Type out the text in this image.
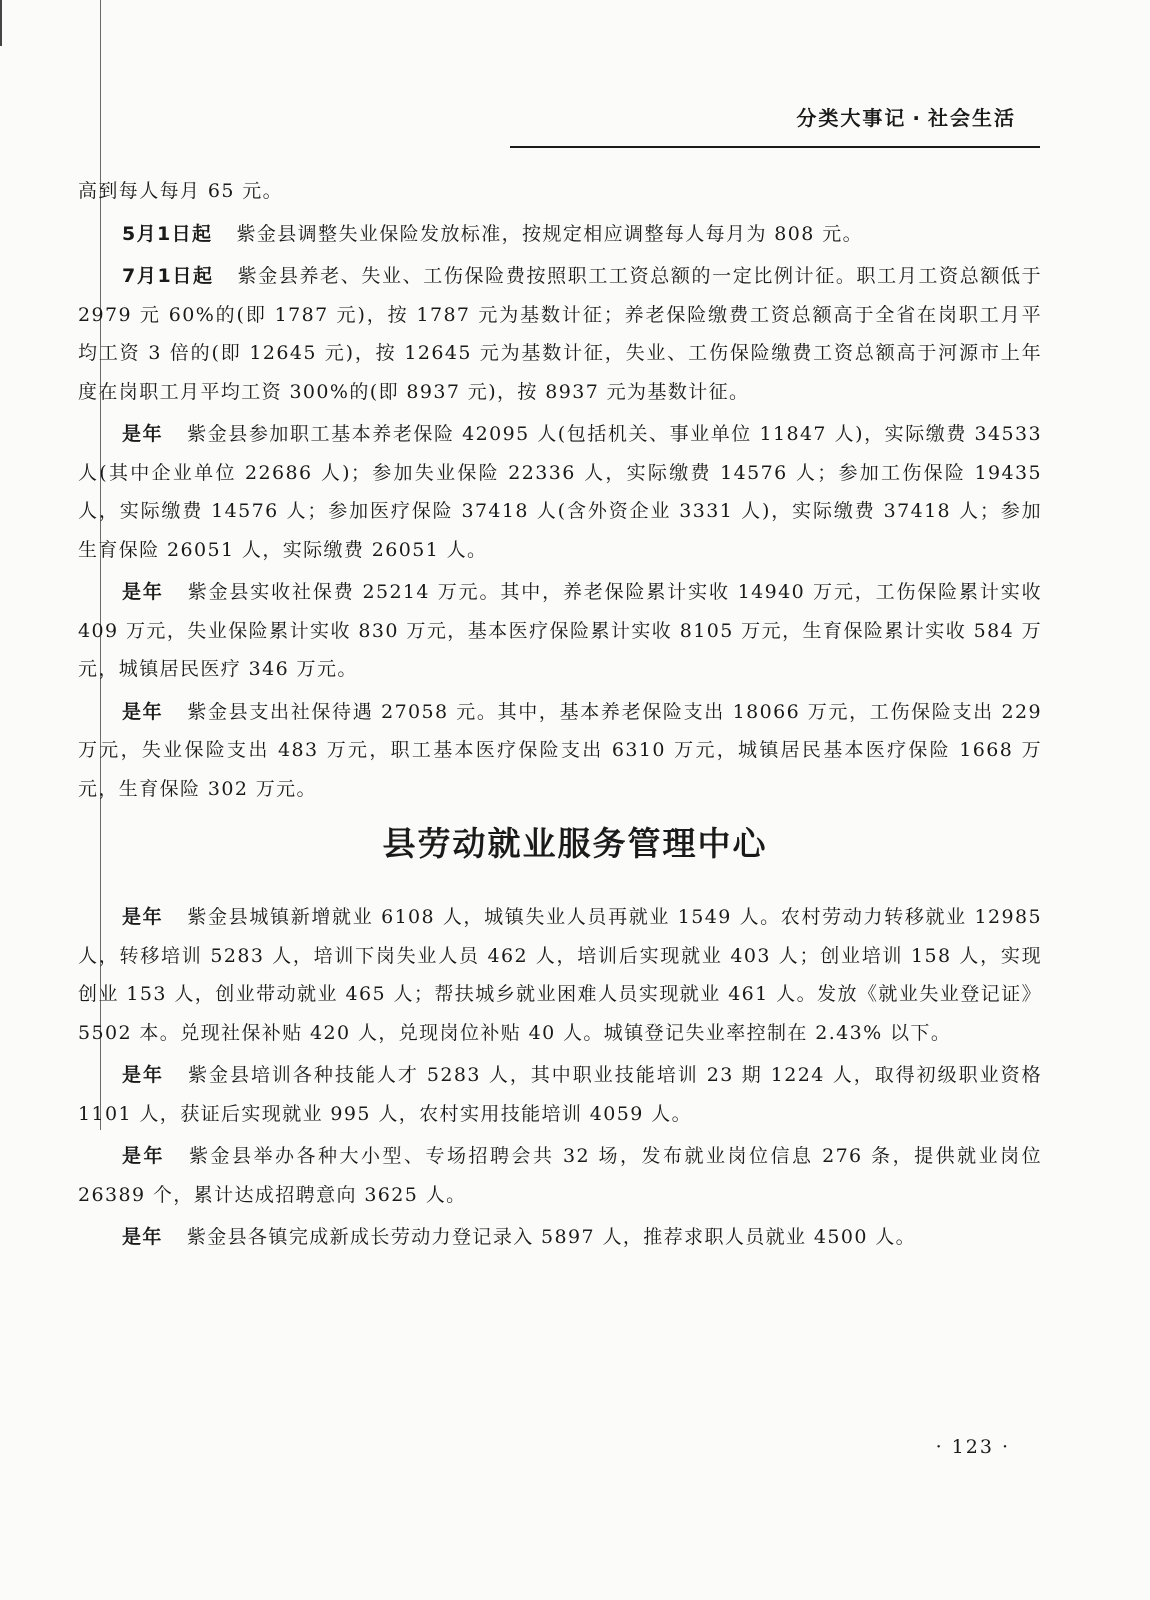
分类大事记 · 社会生活

高到每人每月 65 元。

5月1日起 紫金县调整失业保险发放标准，按规定相应调整每人每月为 808 元。

7月1日起 紫金县养老、失业、工伤保险费按照职工工资总额的一定比例计征。职工月工资总额低于 2979 元 60%的(即 1787 元)，按 1787 元为基数计征；养老保险缴费工资总额高于全省在岗职工月平均工资 3 倍的(即 12645 元)，按 12645 元为基数计征，失业、工伤保险缴费工资总额高于河源市上年度在岗职工月平均工资 300%的(即 8937 元)，按 8937 元为基数计征。

是年 紫金县参加职工基本养老保险 42095 人(包括机关、事业单位 11847 人)，实际缴费 34533 人(其中企业单位 22686 人)；参加失业保险 22336 人，实际缴费 14576 人；参加工伤保险 19435 人，实际缴费 14576 人；参加医疗保险 37418 人(含外资企业 3331 人)，实际缴费 37418 人；参加生育保险 26051 人，实际缴费 26051 人。

是年 紫金县实收社保费 25214 万元。其中，养老保险累计实收 14940 万元，工伤保险累计实收 409 万元，失业保险累计实收 830 万元，基本医疗保险累计实收 8105 万元，生育保险累计实收 584 万元，城镇居民医疗 346 万元。

是年 紫金县支出社保待遇 27058 元。其中，基本养老保险支出 18066 万元，工伤保险支出 229 万元，失业保险支出 483 万元，职工基本医疗保险支出 6310 万元，城镇居民基本医疗保险 1668 万元，生育保险 302 万元。

县劳动就业服务管理中心

是年 紫金县城镇新增就业 6108 人，城镇失业人员再就业 1549 人。农村劳动力转移就业 12985 人，转移培训 5283 人，培训下岗失业人员 462 人，培训后实现就业 403 人；创业培训 158 人，实现创业 153 人，创业带动就业 465 人；帮扶城乡就业困难人员实现就业 461 人。发放《就业失业登记证》5502 本。兑现社保补贴 420 人，兑现岗位补贴 40 人。城镇登记失业率控制在 2.43% 以下。

是年 紫金县培训各种技能人才 5283 人，其中职业技能培训 23 期 1224 人，取得初级职业资格 1101 人，获证后实现就业 995 人，农村实用技能培训 4059 人。

是年 紫金县举办各种大小型、专场招聘会共 32 场，发布就业岗位信息 276 条，提供就业岗位 26389 个，累计达成招聘意向 3625 人。

是年 紫金县各镇完成新成长劳动力登记录入 5897 人，推荐求职人员就业 4500 人。

· 123 ·
